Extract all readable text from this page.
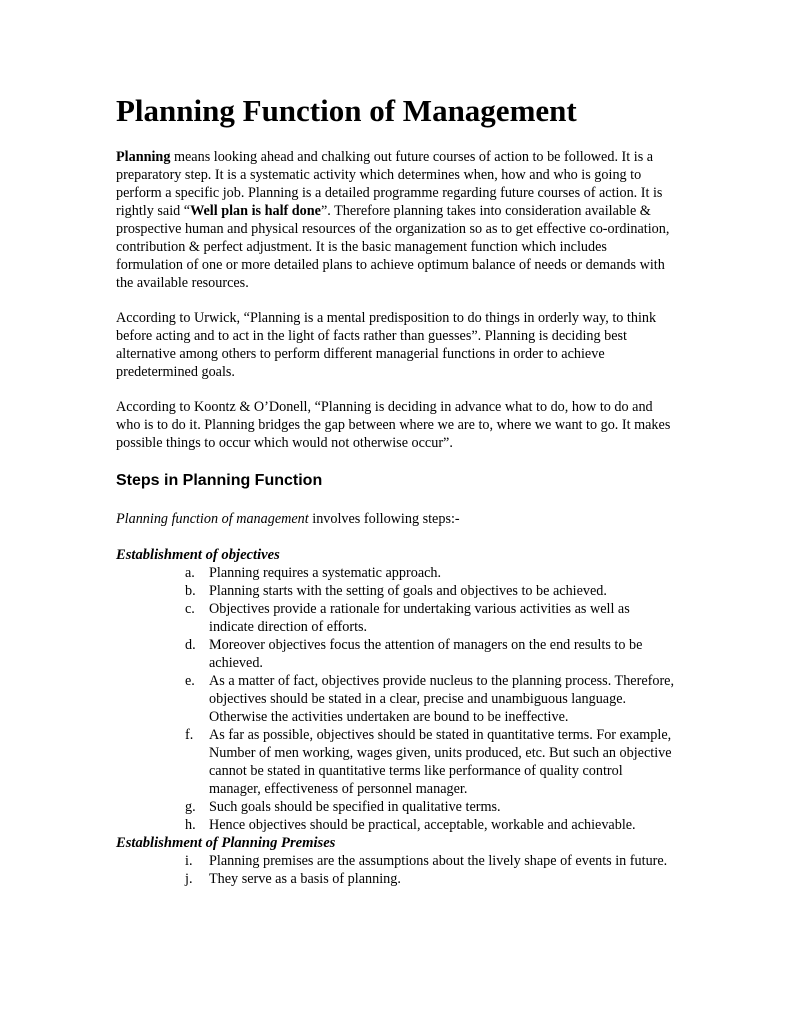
Planning Function of Management

Planning means looking ahead and chalking out future courses of action to be followed. It is a preparatory step. It is a systematic activity which determines when, how and who is going to perform a specific job. Planning is a detailed programme regarding future courses of action. It is rightly said “Well plan is half done”. Therefore planning takes into consideration available & prospective human and physical resources of the organization so as to get effective co-ordination, contribution & perfect adjustment. It is the basic management function which includes formulation of one or more detailed plans to achieve optimum balance of needs or demands with the available resources.

According to Urwick, “Planning is a mental predisposition to do things in orderly way, to think before acting and to act in the light of facts rather than guesses”. Planning is deciding best alternative among others to perform different managerial functions in order to achieve predetermined goals.

According to Koontz & O’Donell, “Planning is deciding in advance what to do, how to do and who is to do it. Planning bridges the gap between where we are to, where we want to go. It makes possible things to occur which would not otherwise occur”.

Steps in Planning Function

Planning function of management involves following steps:-

Establishment of objectives
a. Planning requires a systematic approach.
b. Planning starts with the setting of goals and objectives to be achieved.
c. Objectives provide a rationale for undertaking various activities as well as indicate direction of efforts.
d. Moreover objectives focus the attention of managers on the end results to be achieved.
e. As a matter of fact, objectives provide nucleus to the planning process. Therefore, objectives should be stated in a clear, precise and unambiguous language. Otherwise the activities undertaken are bound to be ineffective.
f.	As far as possible, objectives should be stated in quantitative terms. For example, Number of men working, wages given, units produced, etc. But such an objective cannot be stated in quantitative terms like performance of quality control manager, effectiveness of personnel manager.
g. Such goals should be specified in qualitative terms.
h. Hence objectives should be practical, acceptable, workable and achievable.
Establishment of Planning Premises
i.	Planning premises are the assumptions about the lively shape of events in future.
j.	They serve as a basis of planning.
